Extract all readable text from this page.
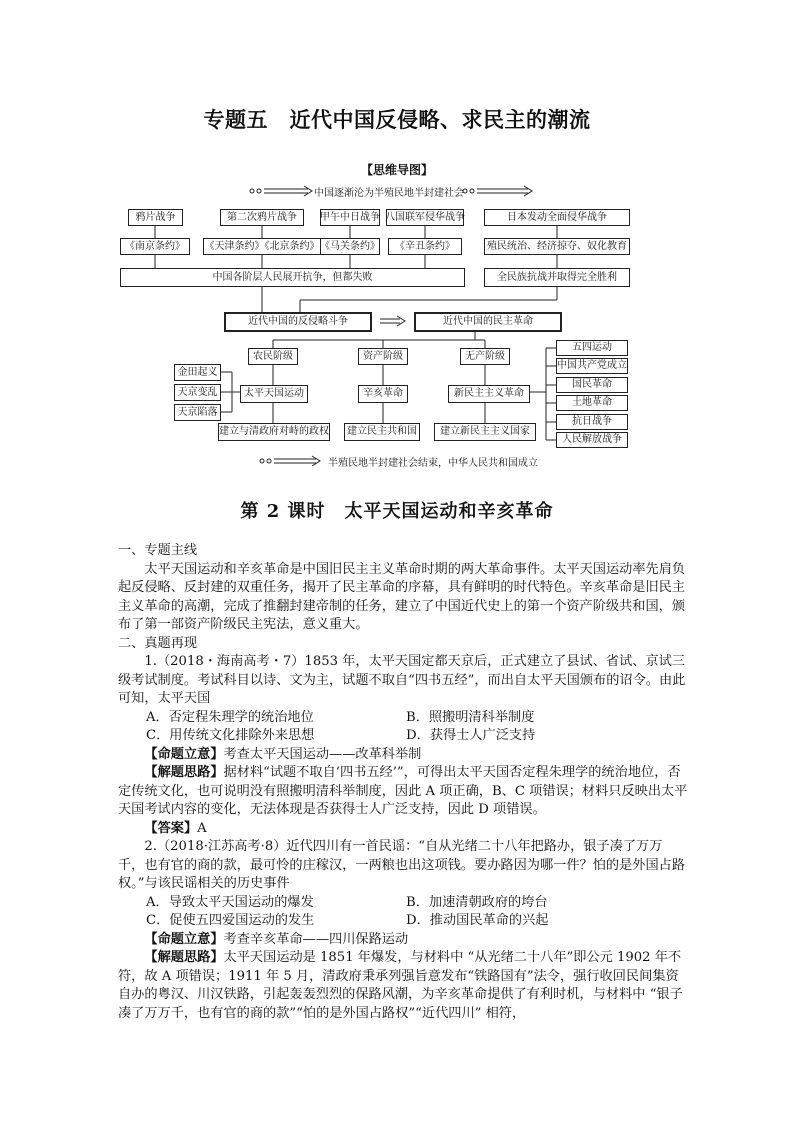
专题五　近代中国反侵略、求民主的潮流
【思维导图】
中国逐渐沦为半殖民地半封建社会
鸦片战争	第二次鸦片战争	甲午中日战争 八国联军侵华战争	日本发动全面侵华战争
《南京条约》	《天津条约》《北京条约》 《马关条约》	《辛丑条约》	殖民统治、经济掠夺、奴化教育
中国各阶层人民展开抗争，但都失败	全民族抗战并取得完全胜利
近代中国的反侵略斗争	近代中国的民主革命
农民阶级	资产阶级	无产阶级
金田起义
天京变乱
天京陷落
太平天国运动	辛亥革命	新民主主义革命
建立与清政府对峙的政权	建立民主共和国	建立新民主主义国家
五四运动
中国共产党成立
国民革命
土地革命
抗日战争
人民解放战争
半殖民地半封建社会结束，中华人民共和国成立
第 2 课时　太平天国运动和辛亥革命

一、专题主线

太平天国运动和辛亥革命是中国旧民主主义革命时期的两大革命事件。太平天国运动率先肩负起反侵略、反封建的双重任务，揭开了民主革命的序幕，具有鲜明的时代特色。辛亥革命是旧民主主义革命的高潮，完成了推翻封建帝制的任务，建立了中国近代史上的第一个资产阶级共和国，颁布了第一部资产阶级民主宪法，意义重大。

二、真题再现

1.（2018・海南高考・7）1853 年，太平天国定都天京后，正式建立了县试、省试、京试三级考试制度。考试科目以诗、文为主，试题不取自“四书五经”，而出自太平天国颁布的诏令。由此可知，太平天国

A．否定程朱理学的统治地位	B．照搬明清科举制度
C．用传统文化排除外来思想	D．获得士人广泛支持

【命题立意】考查太平天国运动——改革科举制

【解题思路】据材料“试题不取自‘四书五经’”，可得出太平天国否定程朱理学的统治地位，否定传统文化，也可说明没有照搬明清科举制度，因此 A 项正确，B、C 项错误；材料只反映出太平天国考试内容的变化，无法体现是否获得士人广泛支持，因此 D 项错误。

【答案】A

2.（2018·江苏高考·8）近代四川有一首民谣：“自从光绪二十八年把路办，银子凑了万万千，也有官的商的款，最可怜的庄稼汉，一两粮也出这项钱。要办路因为哪一件？怕的是外国占路权。”与该民谣相关的历史事件

A．导致太平天国运动的爆发	B．加速清朝政府的垮台
C．促使五四爱国运动的发生	D．推动国民革命的兴起

【命题立意】考查辛亥革命——四川保路运动

【解题思路】太平天国运动是 1851 年爆发，与材料中 “从光绪二十八年”即公元 1902 年不符，故 A 项错误；1911 年 5 月，清政府秉承列强旨意发布“铁路国有”法令，强行收回民间集资自办的粤汉、川汉铁路，引起轰轰烈烈的保路风潮，为辛亥革命提供了有利时机，与材料中 “银子凑了万万千，也有官的商的款”“怕的是外国占路权”“近代四川” 相符，
